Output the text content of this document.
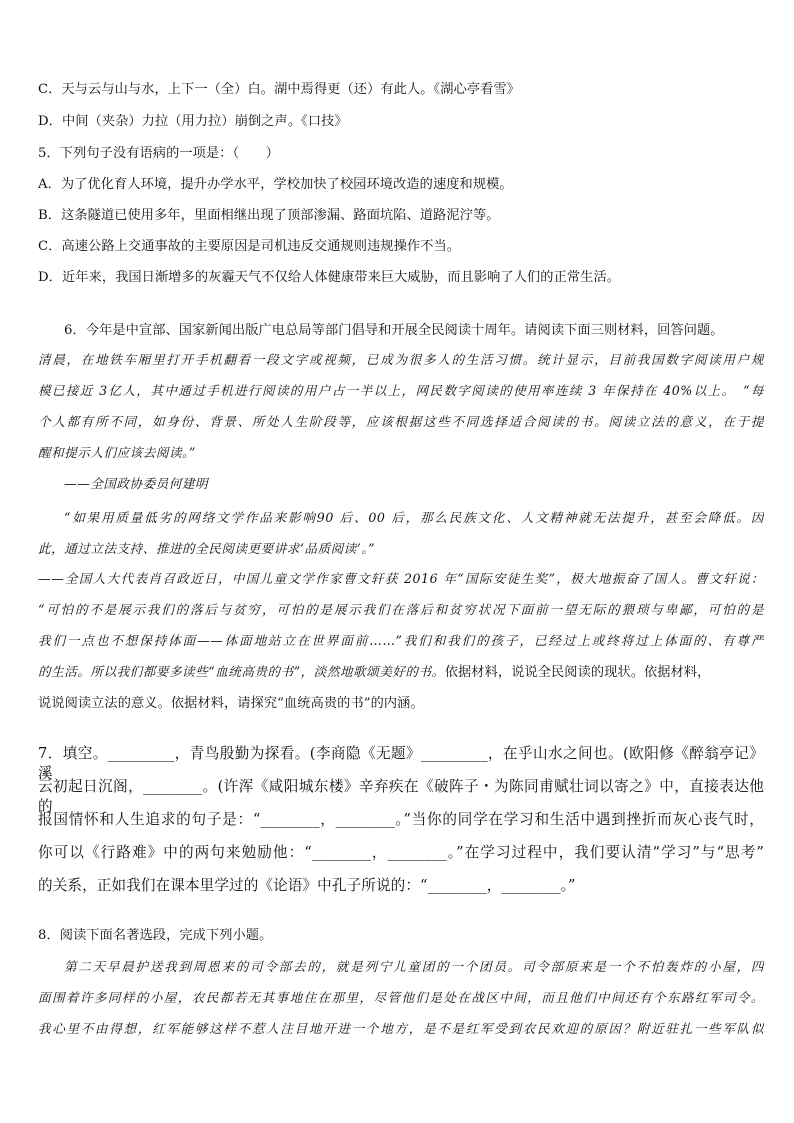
C．天与云与山与水，上下一（全）白。湖中焉得更（还）有此人。《湖心亭看雪》
D．中间（夹杂）力拉（用力拉）崩倒之声。《口技》
5．下列句子没有语病的一项是：（　　）
A．为了优化育人环境，提升办学水平，学校加快了校园环境改造的速度和规模。
B．这条隧道已使用多年，里面相继出现了顶部渗漏、路面坑陷、道路泥泞等。
C．高速公路上交通事故的主要原因是司机违反交通规则违规操作不当。
D．近年来，我国日渐增多的灰霾天气不仅给人体健康带来巨大威胁，而且影响了人们的正常生活。
6．今年是中宣部、国家新闻出版广电总局等部门倡导和开展全民阅读十周年。请阅读下面三则材料，回答问题。
清晨，在地铁车厢里打开手机翻看一段文字或视频，已成为很多人的生活习惯。统计显示，目前我国数字阅读用户规
模已接近 3亿人，其中通过手机进行阅读的用户占一半以上，网民数字阅读的使用率连续 3 年保持在 40%以上。　“每
个人都有所不同，如身份、背景、所处人生阶段等，应该根据这些不同选择适合阅读的书。阅读立法的意义，在于提
醒和提示人们应该去阅读。”
——全国政协委员何建明
“如果用质量低劣的网络文学作品来影响90 后、00 后，那么民族文化、人文精神就无法提升，甚至会降低。因
此，通过立法支持、推进的全民阅读更要讲求‘品质阅读’。”
——全国人大代表肖召政近日，中国儿童文学作家曹文轩获 2016 年“国际安徒生奖”，极大地振奋了国人。曹文轩说：
“可怕的不是展示我们的落后与贫穷，可怕的是展示我们在落后和贫穷状况下面前一望无际的猥琐与卑鄙，可怕的是
我们一点也不想保持体面——体面地站立在世界面前……”我们和我们的孩子，已经过上或终将过上体面的、有尊严
的生活。所以我们都要多读些“血统高贵的书”，淡然地歌颂美好的书。依据材料，说说全民阅读的现状。依据材料，
说说阅读立法的意义。依据材料，请探究“血统高贵的书”的内涵。
7．填空。_________，青鸟殷勤为探看。(李商隐《无题》_________，在乎山水之间也。(欧阳修《醉翁亭记》溪
云初起日沉阁，________。(许浑《咸阳城东楼》辛弃疾在《破阵子・为陈同甫赋壮词以寄之》中，直接表达他的
报国情怀和人生追求的句子是：“________，________。”当你的同学在学习和生活中遇到挫折而灰心丧气时，
你可以《行路难》中的两句来勉励他：“________，________。”在学习过程中，我们要认清“学习”与“思考”
的关系，正如我们在课本里学过的《论语》中孔子所说的：“________，________。”
8．阅读下面名著选段，完成下列小题。
第二天早晨护送我到周恩来的司令部去的，就是列宁儿童团的一个团员。司令部原来是一个不怕轰炸的小屋，四
面围着许多同样的小屋，农民都若无其事地住在那里，尽管他们是处在战区中间，而且他们中间还有个东路红军司令。
我心里不由得想，红军能够这样不惹人注目地开进一个地方，是不是红军受到农民欢迎的原因？附近驻扎一些军队似
